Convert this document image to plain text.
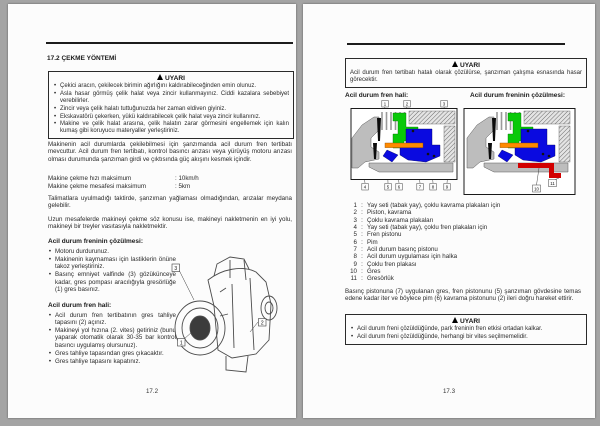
17.2 ÇEKME YÖNTEMİ
UYARI
• Çekici aracın, çekilecek birimin ağırlığını kaldırabileceğinden emin olunuz.
• Asla hasar görmüş çelik halat veya zincir kullanmayınız. Ciddi kazalara sebebiyet verebilirler.
• Zincir veya çelik halatı tuttuğunuzda her zaman eldiven giyiniz.
• Ekskavatörü çekerken, yükü kaldırabilecek çelik halat veya zincir kullanınız.
• Makine ve çelik halat arasına, çelik halatın zarar görmesini engellemek için kalın kumaş gibi koruyucu materyaller yerleştiriniz.
Makinenin acil durumlarda çekilebilmesi için şanzımanda acil durum fren tertibatı mevcuttur. Acil durum fren tertibatı, kontrol basıncı arızası veya yürüyüş motoru arızası olması durumunda şanzıman girdi ve çıktısında güç akışını kesmek içindir.
Makine çekme hızı maksimum	: 10km/h
Makine çekme mesafesi maksimum	: 5km
Talimatlara uyulmadığı taktirde, şanzıman yağlaması olmadığından, arızalar meydana gelebilir.
Uzun mesafelerde makineyi çekme söz konusu ise, makineyi nakletmenin en iyi yolu, makineyi bir treyler vasıtasıyla nakletmektir.
Acil durum freninin çözülmesi:
• Motoru durdurunuz.
• Makinenin kaymaması için lastiklerin önüne takoz yerleştiriniz.
• Basınç emniyet valfinde (3) gözükünceye kadar, gres pompası aracılığıyla gresörlüğe (1) gres basınız.
Acil durum fren hali:
• Acil durum fren tertibatının gres tahliye tapasını (2) açınız.
• Makineyi yol hızına (2. vites) getiriniz (bunu yaparak otomatik olarak 30-35 bar kontrol basıncı uygulamış olursunuz).
• Gres tahliye tapasından gres çıkacaktır.
• Gres tahliye tapasını kapatınız.
3
2
1
17.2
UYARI
Acil durum fren tertibatı hatalı olarak çözülürse, şanzıman çalışma esnasında hasar görecektir.
Acil durum fren hali:	Acil durum freninin çözülmesi:
1	2	3
4	5 6	7 8	9	10
11
1 : Yay seti (tabak yay), çoklu kavrama plakaları için
2 : Piston, kavrama
3 : Çoklu kavrama plakaları
4 : Yay seti (tabak yay), çoklu fren plakaları için
5 : Fren pistonu
6 : Pim
7 : Acil durum basınç pistonu
8 : Acil durum uygulaması için halka
9 : Çoklu fren plakası
10 : Gres
11 : Gresörlük
Basınç pistonuna (7) uygulanan gres, fren pistonunu (5) şanzıman gövdesine temas edene kadar iter ve böylece pim (6) kavrama pistonunu (2) ileri doğru hareket ettirir.
UYARI
• Acil durum freni çözüldüğünde, park freninin fren etkisi ortadan kalkar.
• Acil durum freni çözüldüğünde, herhangi bir vites seçilmemelidir.
17.3
